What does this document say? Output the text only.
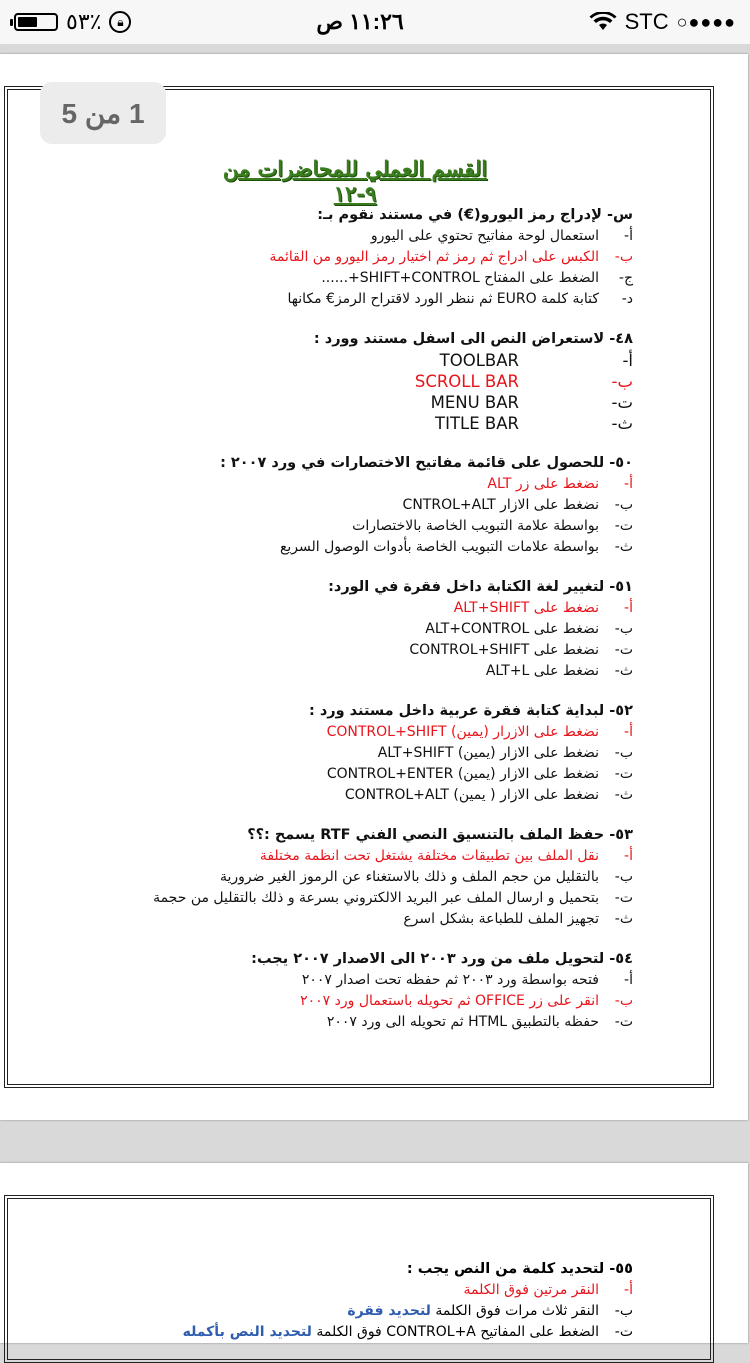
٥٣٪	🔒︎	١١:٢٦ ص	STC ○●●●●
1 من 5
القسم العملي للمحاضرات من ٩-١٢

س- لإدراج رمز اليورو(€) في مستند نقوم بـ:

أ-
استعمال لوحة مفاتيح تحتوي على اليورو

ب-
الكبس على ادراج ثم رمز ثم اختيار رمز اليورو من القائمة

ج-
الضغط على المفتاح SHIFT+CONTROL+......

د-
كتابة كلمة EURO ثم ننظر الورد لاقتراح الرمز€ مكانها

٤٨- لاستعراض النص الى اسفل مستند وورد :

أ-
TOOLBAR

ب-
SCROLL BAR

ت-
MENU BAR

ث-
TITLE BAR

٥٠- للحصول على قائمة مفاتيح الاختصارات في ورد ٢٠٠٧ :

أ-
نضغط على زر ALT

ب-
نضغط على الازار CNTROL+ALT

ت-
بواسطة علامة التبويب الخاصة بالاختصارات

ث-
بواسطة علامات التبويب الخاصة بأدوات الوصول السريع

٥١- لتغيير لغة الكتابة داخل فقرة في الورد:

أ-
نضغط على ALT+SHIFT

ب-
نضغط على ALT+CONTROL

ت-
نضغط على CONTROL+SHIFT

ث-
نضغط على ALT+L

٥٢- لبداية كتابة فقرة عربية داخل مستند ورد :

أ-
نضغط على الازرار (يمين) CONTROL+SHIFT

ب-
نضغط على الازار (يمين) ALT+SHIFT

ت-
نضغط على الازار (يمين) CONTROL+ENTER

ث-
نضغط على الازار ( يمين) CONTROL+ALT

٥٣- حفظ الملف بالتنسيق النصي الفني RTF يسمح :؟؟

أ-
نقل الملف بين تطبيقات مختلفة يشتغل تحت انظمة مختلفة

ب-
بالتقليل من حجم الملف و ذلك بالاستغناء عن الرموز الغير ضرورية

ت-
بتحميل و ارسال الملف عبر البريد الالكتروني بسرعة و ذلك بالتقليل من حجمة

ث-
تجهيز الملف للطباعة بشكل اسرع

٥٤- لتحويل ملف من ورد ٢٠٠٣ الى الاصدار ٢٠٠٧ يجب:

أ-
فتحه بواسطة ورد ٢٠٠٣ ثم حفظه تحت اصدار ٢٠٠٧

ب-
انقر على زر OFFICE ثم تحويله باستعمال ورد ٢٠٠٧

ت-
حفظه بالتطبيق HTML ثم تحويله الى ورد ٢٠٠٧

٥٥- لتحديد كلمة من النص يجب :

أ-
النقر مرتين فوق الكلمة

ب-
النقر ثلاث مرات فوق الكلمة لتحديد فقرة

ت-
الضغط على المفاتيح CONTROL+A فوق الكلمة لتحديد النص بأكمله
